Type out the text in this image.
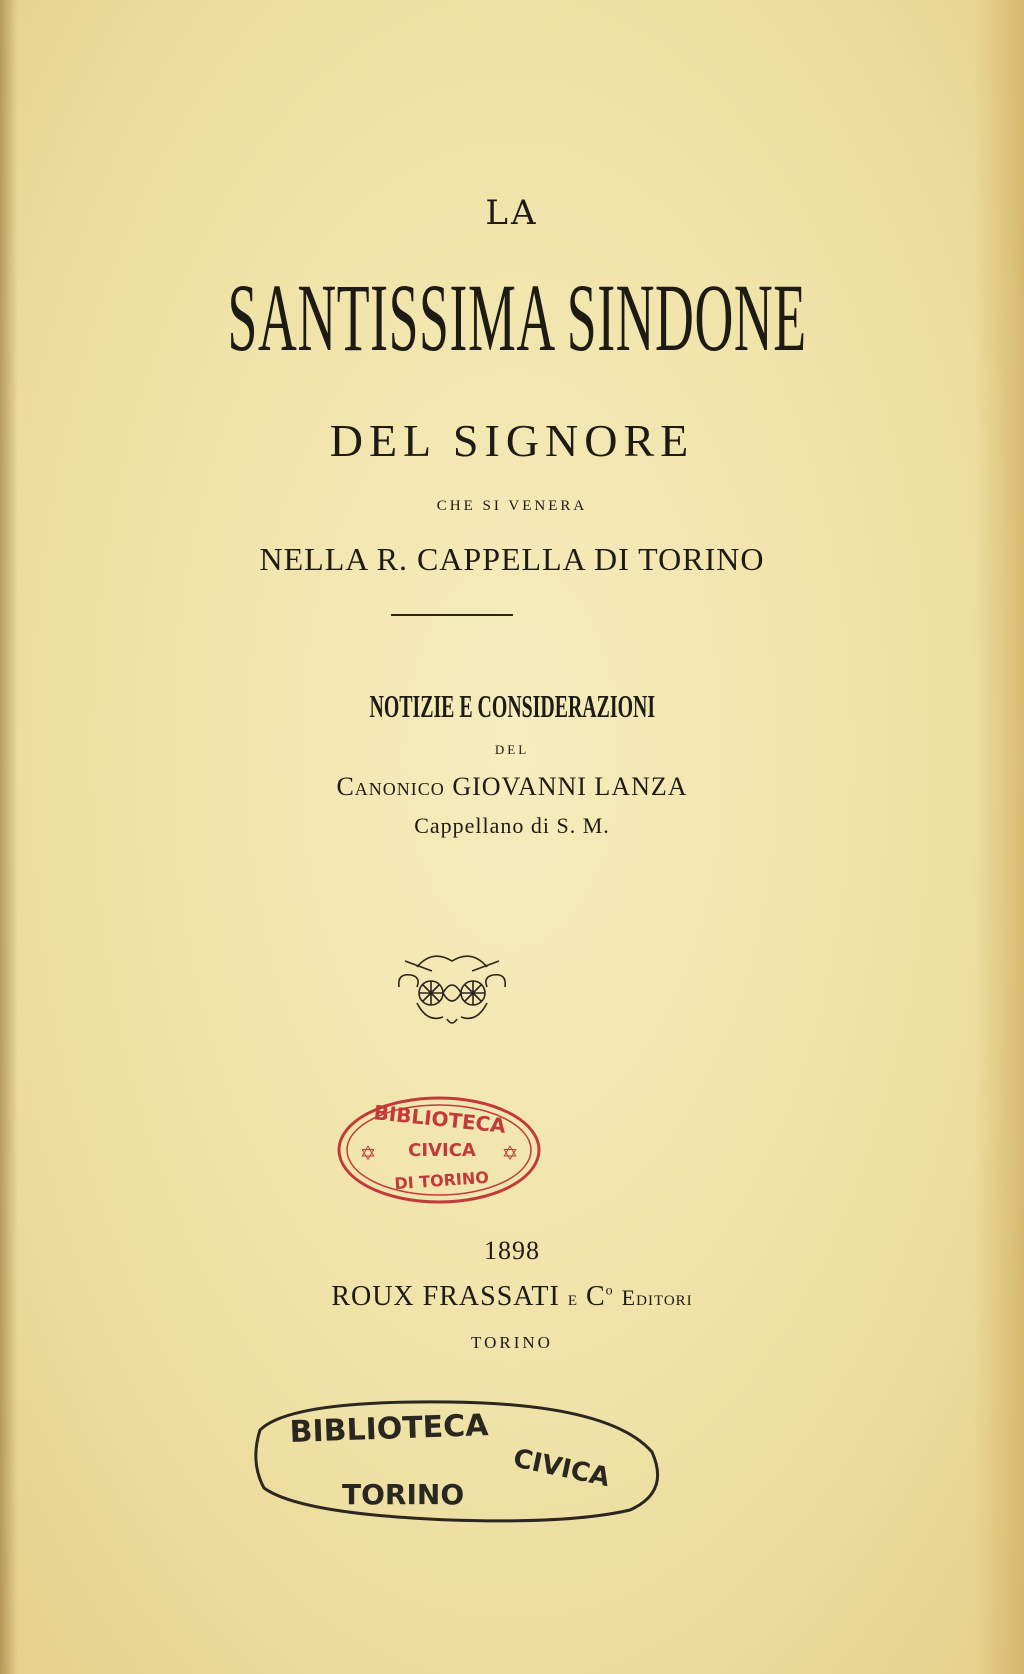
LA
SANTISSIMA SINDONE
DEL SIGNORE
CHE SI VENERA
NELLA R. CAPPELLA DI TORINO
NOTIZIE E CONSIDERAZIONI
DEL
Canonico GIOVANNI LANZA
Cappellano di S. M.
BIBLIOTECA
CIVICA
DI TORINO
✡	✡
1898
ROUX FRASSATI e $C^o$ Editori
TORINO
BIBLIOTECA
CIVICA
TORINO
